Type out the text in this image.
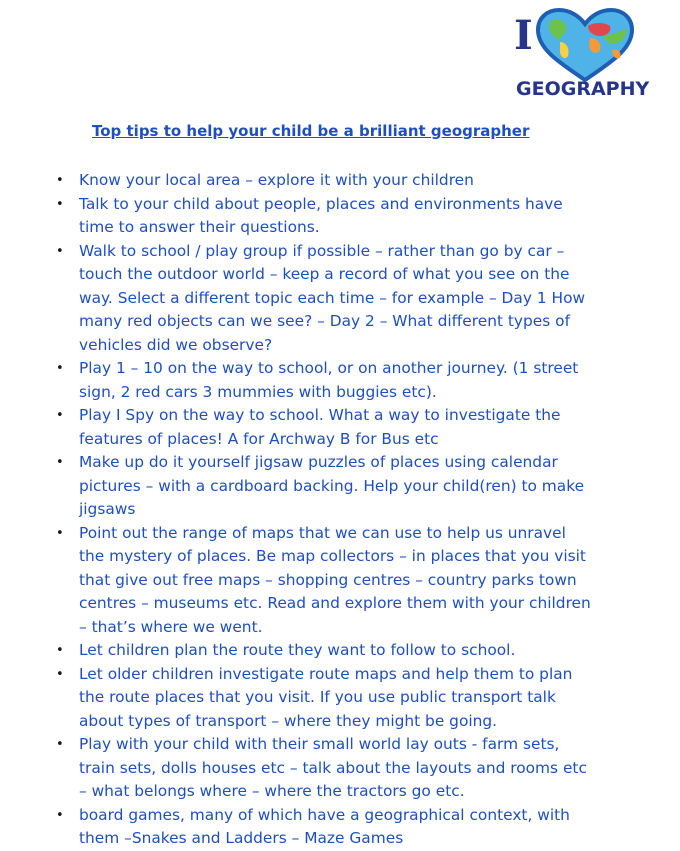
I
GEOGRAPHY
Top tips to help your child be a brilliant geographer
• Know your local area – explore it with your children
• Talk to your child about people, places and environments have time to answer their questions.
• Walk to school / play group if possible – rather than go by car – touch the outdoor world – keep a record of what you see on the way. Select a different topic each time – for example – Day 1 How many red objects can we see? – Day 2 – What different types of vehicles did we observe?
• Play 1 – 10 on the way to school, or on another journey. (1 street sign, 2 red cars 3 mummies with buggies etc).
• Play I Spy on the way to school. What a way to investigate the features of places! A for Archway B for Bus etc
• Make up do it yourself jigsaw puzzles of places using calendar pictures – with a cardboard backing. Help your child(ren) to make jigsaws
• Point out the range of maps that we can use to help us unravel the mystery of places. Be map collectors – in places that you visit that give out free maps – shopping centres – country parks town centres – museums etc. Read and explore them with your children – that’s where we went.
• Let children plan the route they want to follow to school.
• Let older children investigate route maps and help them to plan the route places that you visit. If you use public transport talk about types of transport – where they might be going.
• Play with your child with their small world lay outs - farm sets, train sets, dolls houses etc – talk about the layouts and rooms etc – what belongs where – where the tractors go etc.
• board games, many of which have a geographical context, with them –Snakes and Ladders – Maze Games
